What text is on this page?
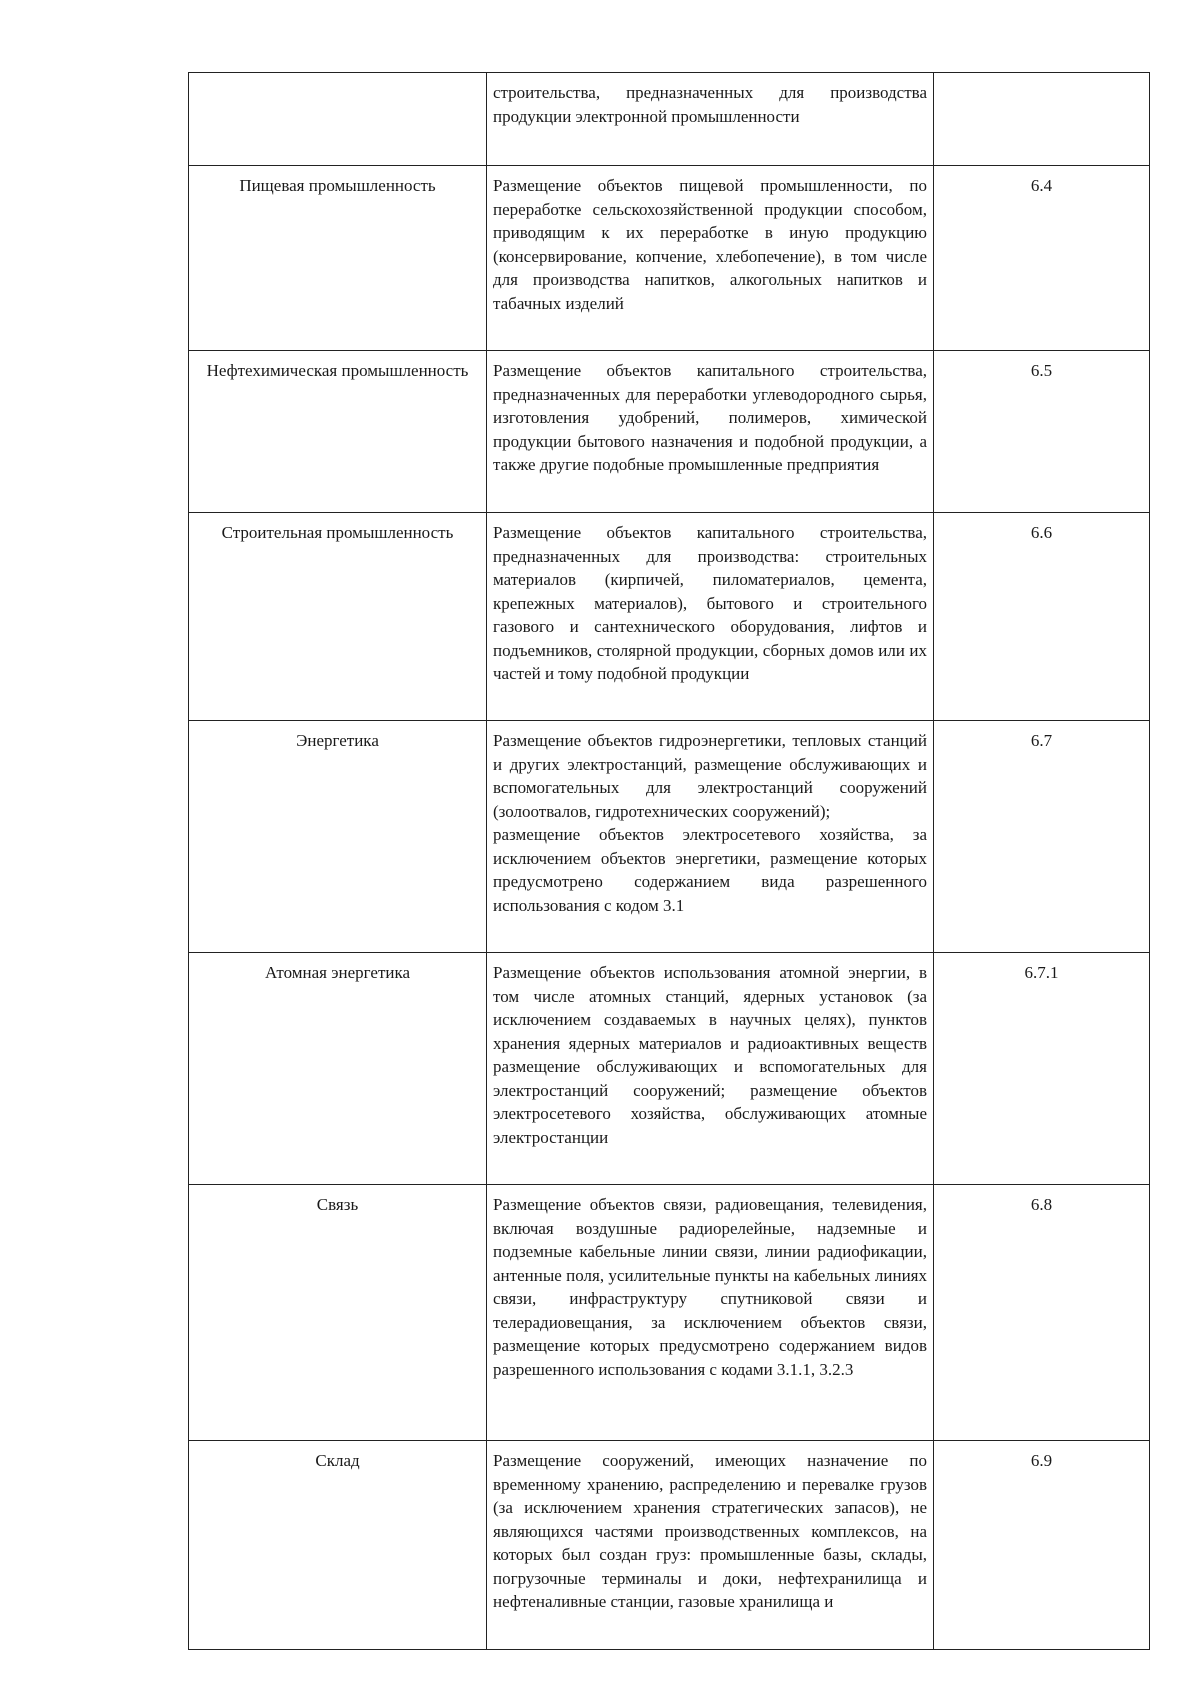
	строительства, предназначенных для производства продукции электронной промышленности	

Пищевая промышленность	Размещение объектов пищевой промышленности, по переработке сельскохозяйственной продукции способом, приводящим к их переработке в иную продукцию (консервирование, копчение, хлебопечение), в том числе для производства напитков, алкогольных напитков и табачных изделий	6.4
Нефтехимическая промышленность	Размещение объектов капитального строительства, предназначенных для переработки углеводородного сырья, изготовления удобрений, полимеров, химической продукции бытового назначения и подобной продукции, а также другие подобные промышленные предприятия	6.5
Строительная промышленность	Размещение объектов капитального строительства, предназначенных для производства: строительных материалов (кирпичей, пиломатериалов, цемента, крепежных материалов), бытового и строительного газового и сантехнического оборудования, лифтов и подъемников, столярной продукции, сборных домов или их частей и тому подобной продукции	6.6
Энергетика	Размещение объектов гидроэнергетики, тепловых станций и других электростанций, размещение обслуживающих и вспомогательных для электростанций сооружений (золоотвалов, гидротехнических сооружений);
размещение объектов электросетевого хозяйства, за исключением объектов энергетики, размещение которых предусмотрено содержанием вида разрешенного использования с кодом 3.1	6.7
Атомная энергетика	Размещение объектов использования атомной энергии, в том числе атомных станций, ядерных установок (за исключением создаваемых в научных целях), пунктов хранения ядерных материалов и радиоактивных веществ размещение обслуживающих и вспомогательных для электростанций сооружений; размещение объектов электросетевого хозяйства, обслуживающих атомные электростанции	6.7.1
Связь	Размещение объектов связи, радиовещания, телевидения, включая воздушные радиорелейные, надземные и подземные кабельные линии связи, линии радиофикации, антенные поля, усилительные пункты на кабельных линиях связи, инфраструктуру спутниковой связи и телерадиовещания, за исключением объектов связи, размещение которых предусмотрено содержанием видов разрешенного использования с кодами 3.1.1, 3.2.3	6.8
Склад	Размещение сооружений, имеющих назначение по временному хранению, распределению и перевалке грузов (за исключением хранения стратегических запасов), не являющихся частями производственных комплексов, на которых был создан груз: промышленные базы, склады, погрузочные терминалы и доки, нефтехранилища и нефтеналивные станции, газовые хранилища и	6.9
